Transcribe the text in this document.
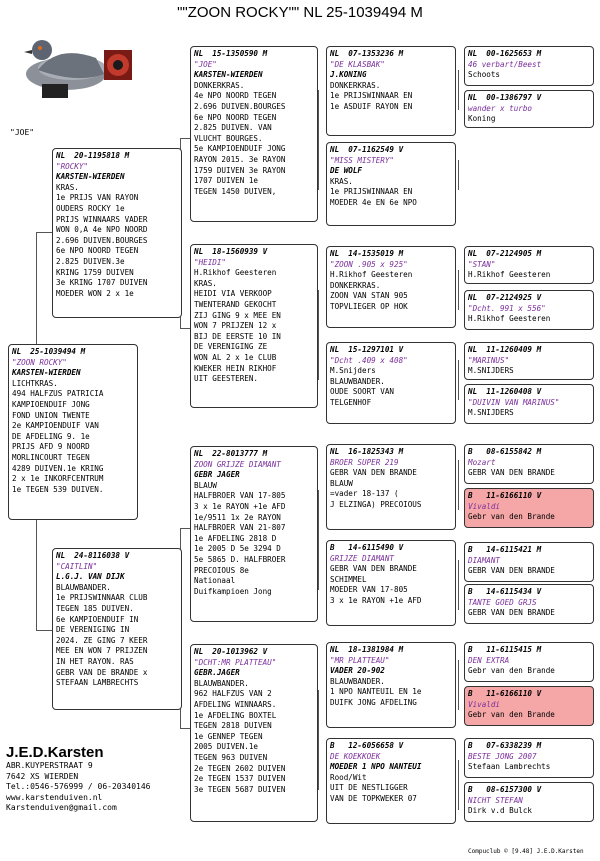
""ZOON ROCKY"" NL 25-1039494 M
"JOE"
NL  25-1039494 M
"ZOON ROCKY"
KARSTEN-WIERDEN
LICHTKRAS.
494 HALFZUS PATRICIA
KAMPIOENDUIF JONG
FOND UNION TWENTE
2e KAMPIOENDUIF VAN
DE AFDELING 9. 1e
PRIJS AFD 9 NOORD
MORLINCOURT TEGEN
4289 DUIVEN.1e KRING
2 x 1e INKORFCENTRUM
1e TEGEN 539 DUIVEN.
NL  20-1195818 M
"ROCKY"
KARSTEN-WIERDEN
KRAS.
1e PRIJS VAN RAYON
OUDERS ROCKY 1e
PRIJS WINNAARS VADER
WON 0,A 4e NPO NOORD
2.696 DUIVEN.BOURGES
6e NPO NOORD TEGEN
2.825 DUIVEN.3e
KRING 1759 DUIVEN
3e KRING 1707 DUIVEN
MOEDER WON 2 x 1e
NL  24-8116038 V
"CAITLIN"
L.G.J. VAN DIJK
BLAUWBANDER.
1e PRIJSWINNAAR CLUB
TEGEN 185 DUIVEN.
6e KAMPIOENDUIF IN
DE VERENIGING IN
2024. ZE GING 7 KEER
MEE EN WON 7 PRIJZEN
IN HET RAYON. RAS
GEBR VAN DE BRANDE x
STEFAAN LAMBRECHTS
NL  15-1350590 M
"JOE"
KARSTEN-WIERDEN
DONKERKRAS.
4e NPO NOORD TEGEN
2.696 DUIVEN.BOURGES
6e NPO NOORD TEGEN
2.825 DUIVEN. VAN
VLUCHT BOURGES.
5e KAMPIOENDUIF JONG
RAYON 2015. 3e RAYON
1759 DUIVEN 3e RAYON
1707 DUIVEN 1e
TEGEN 1450 DUIVEN,
NL  18-1560939 V
"HEIDI"
H.Rikhof Geesteren
KRAS.
HEIDI VIA VERKOOP
TWENTERAND GEKOCHT
ZIJ GING 9 x MEE EN
WON 7 PRIJZEN 12 x
BIJ DE EERSTE 10 IN
DE VERENIGING ZE
WON AL 2 x 1e CLUB
KWEKER HEIN RIKHOF
UIT GEESTEREN.
NL  22-8013777 M
ZOON GRIJZE DIAMANT
GEBR JAGER
BLAUW
HALFBROER VAN 17-805
3 x 1e RAYON +1e AFD
1e/9511 1x 2e RAYON
HALFBROER VAN 21-807
1e AFDELING 2818 D
1e 2005 D 5e 3294 D
5e 5865 D. HALFBROER
PRECOIOUS 8e
Nationaal
Duifkampioen Jong
NL  20-1013962 V
"DCHT:MR PLATTEAU"
GEBR.JAGER
BLAUWBANDER.
962 HALFZUS VAN 2
AFDELING WINNAARS.
1e AFDELING BOXTEL
TEGEN 2818 DUIVEN
1e GENNEP TEGEN
2005 DUIVEN.1e
TEGEN 963 DUIVEN
2e TEGEN 2602 DUIVEN
2e TEGEN 1537 DUIVEN
3e TEGEN 5687 DUIVEN
NL  07-1353236 M
"DE KLASBAK"
J.KONING
DONKERKRAS.
1e PRIJSWINNAAR EN
1e ASDUIF RAYON EN
NL  07-1162549 V
"MISS MISTERY"
DE WOLF
KRAS.
1e PRIJSWINNAAR EN
MOEDER 4e EN 6e NPO
NL  14-1535019 M
"ZOON .905 x 925"
H.Rikhof Geesteren
DONKERKRAS.
ZOON VAN STAN 905
TOPVLIEGER OP HOK
NL  15-1297101 V
"Dcht .409 x 408"
M.Snijders
BLAUWBANDER.
OUDE SOORT VAN
TELGENHOF
NL  16-1825343 M
BROER SUPER 219
GEBR VAN DEN BRANDE
BLAUW
=vader 18-137 (
J ELZINGA) PRECOIOUS
B   14-6115490 V
GRIJZE DIAMANT
GEBR VAN DEN BRANDE
SCHIMMEL
MOEDER VAN 17-805
3 x 1e RAYON +1e AFD
NL  18-1381984 M
"MR PLATTEAU"
VADER 20-902
BLAUWBANDER.
1 NPO NANTEUIL EN 1e
DUIFK JONG AFDELING
B   12-6056658 V
DE KOEKKOEK
MOEDER 1 NPO NANTEUI
Rood/Wit
UIT DE NESTLIGGER
VAN DE TOPKWEKER 07
NL  00-1625653 M
46 verbart/Beest
Schoots
NL  00-1386797 V
wander x turbo
Koning
NL  07-2124905 M
"STAN"
H.Rikhof Geesteren
NL  07-2124925 V
"Dcht. 991 x 556"
H.Rikhof Geesteren
NL  11-1260409 M
"MARINUS"
M.SNIJDERS
NL  11-1260408 V
"DUIVIN VAN MARINUS"
M.SNIJDERS
B   08-6155842 M
Mozart
GEBR VAN DEN BRANDE
B   11-6166110 V
Vivaldi
Gebr van den Brande
B   14-6115421 M
DIAMANT
GEBR VAN DEN BRANDE
B   14-6115434 V
TANTE GOED GRJS
GEBR VAN DEN BRANDE
B   11-6115415 M
DEN EXTRA
Gebr van den Brande
B   11-6166110 V
Vivaldi
Gebr van den Brande
B   07-6338239 M
BESTE JONG 2007
Stefaan Lambrechts
B   08-6157300 V
NICHT STEFAN
Dirk v.d Bulck
J.E.D.Karsten
ABR.KUYPERSTRAAT 9
7642 XS WIERDEN
Tel.:0546-576999 / 06-20340146
www.karstenduiven.nl
Karstenduiven@gmail.com
Compuclub © [9.48] J.E.D.Karsten
